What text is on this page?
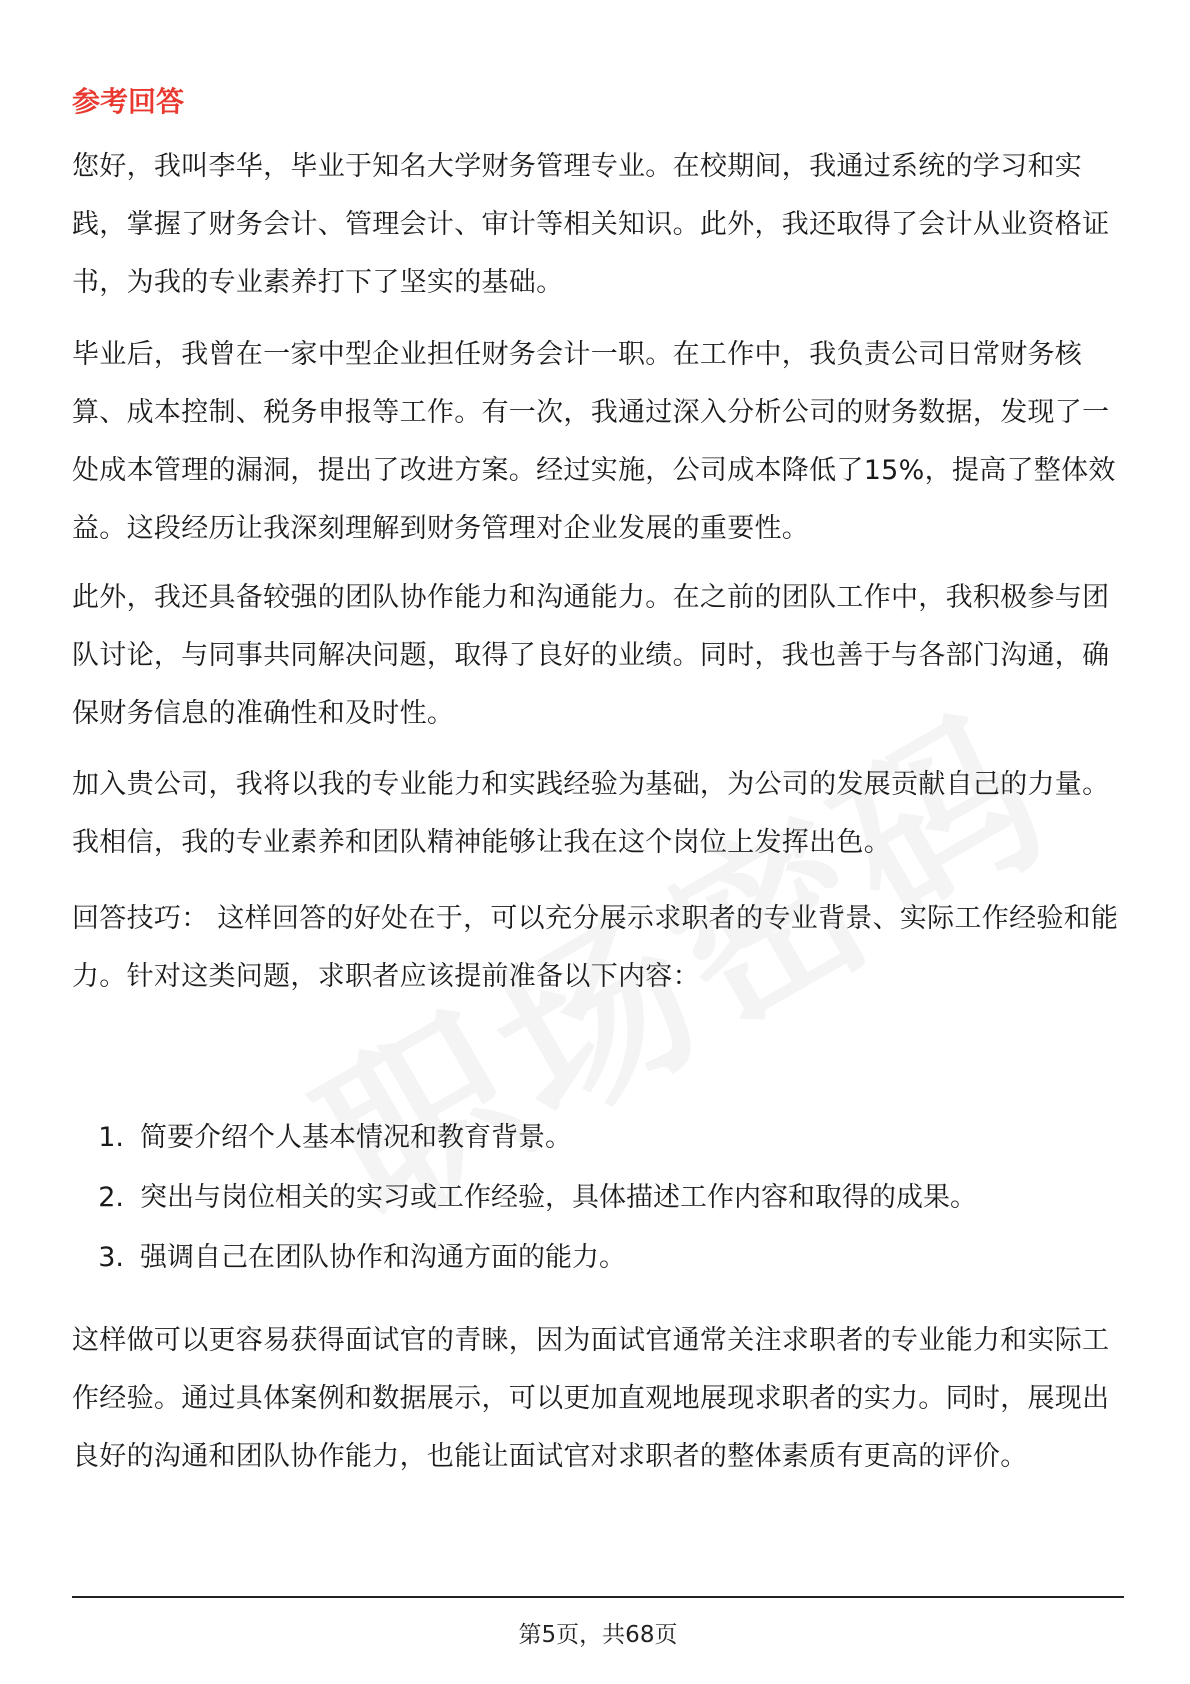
参考回答

您好，我叫李华，毕业于知名大学财务管理专业。在校期间，我通过系统的学习和实践，掌握了财务会计、管理会计、审计等相关知识。此外，我还取得了会计从业资格证书，为我的专业素养打下了坚实的基础。

毕业后，我曾在一家中型企业担任财务会计一职。在工作中，我负责公司日常财务核算、成本控制、税务申报等工作。有一次，我通过深入分析公司的财务数据，发现了一处成本管理的漏洞，提出了改进方案。经过实施，公司成本降低了15%，提高了整体效益。这段经历让我深刻理解到财务管理对企业发展的重要性。

此外，我还具备较强的团队协作能力和沟通能力。在之前的团队工作中，我积极参与团队讨论，与同事共同解决问题，取得了良好的业绩。同时，我也善于与各部门沟通，确保财务信息的准确性和及时性。

加入贵公司，我将以我的专业能力和实践经验为基础，为公司的发展贡献自己的力量。我相信，我的专业素养和团队精神能够让我在这个岗位上发挥出色。

回答技巧： 这样回答的好处在于，可以充分展示求职者的专业背景、实际工作经验和能力。针对这类问题，求职者应该提前准备以下内容：

1. 简要介绍个人基本情况和教育背景。
2. 突出与岗位相关的实习或工作经验，具体描述工作内容和取得的成果。
3. 强调自己在团队协作和沟通方面的能力。

这样做可以更容易获得面试官的青睐，因为面试官通常关注求职者的专业能力和实际工作经验。通过具体案例和数据展示，可以更加直观地展现求职者的实力。同时，展现出良好的沟通和团队协作能力，也能让面试官对求职者的整体素质有更高的评价。

第5页，共68页
